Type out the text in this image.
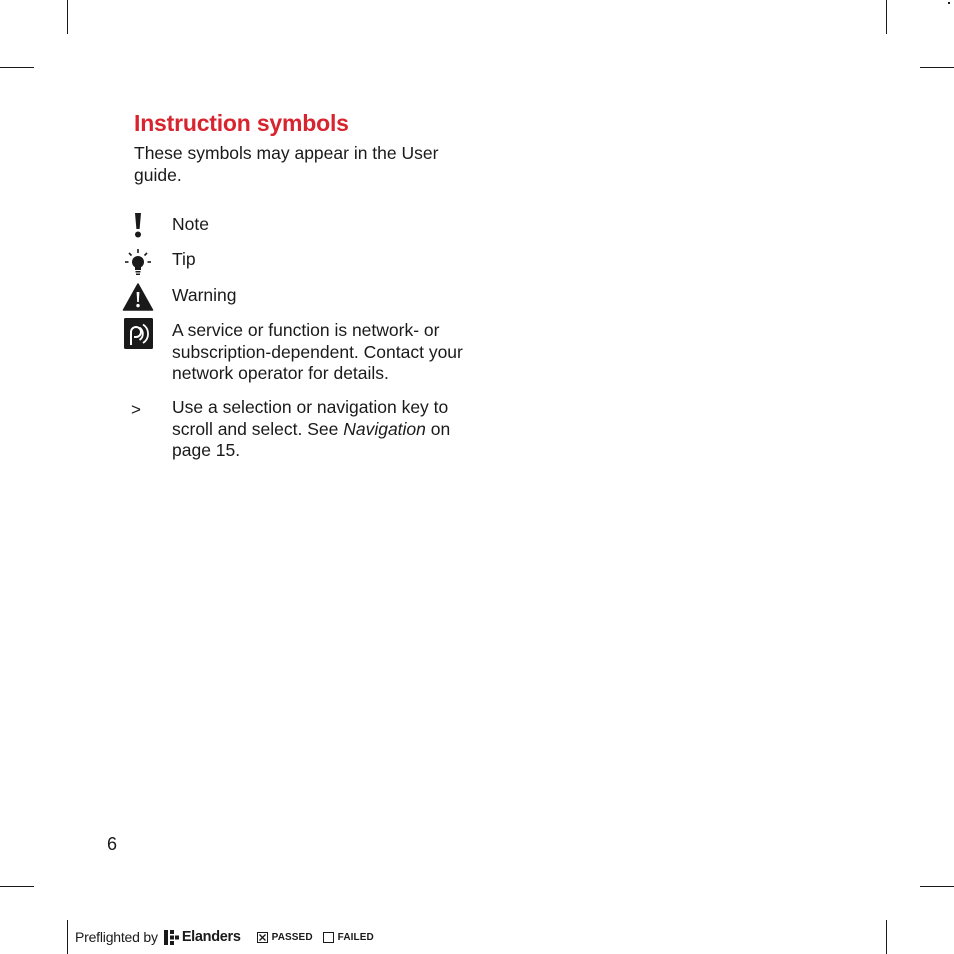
Instruction symbols
These symbols may appear in the User guide.
Note
Tip
Warning
A service or function is network- or subscription-dependent. Contact your network operator for details.
> Use a selection or navigation key to scroll and select. See Navigation on page 15.
6
Preflighted by Elanders	PASSED	FAILED
